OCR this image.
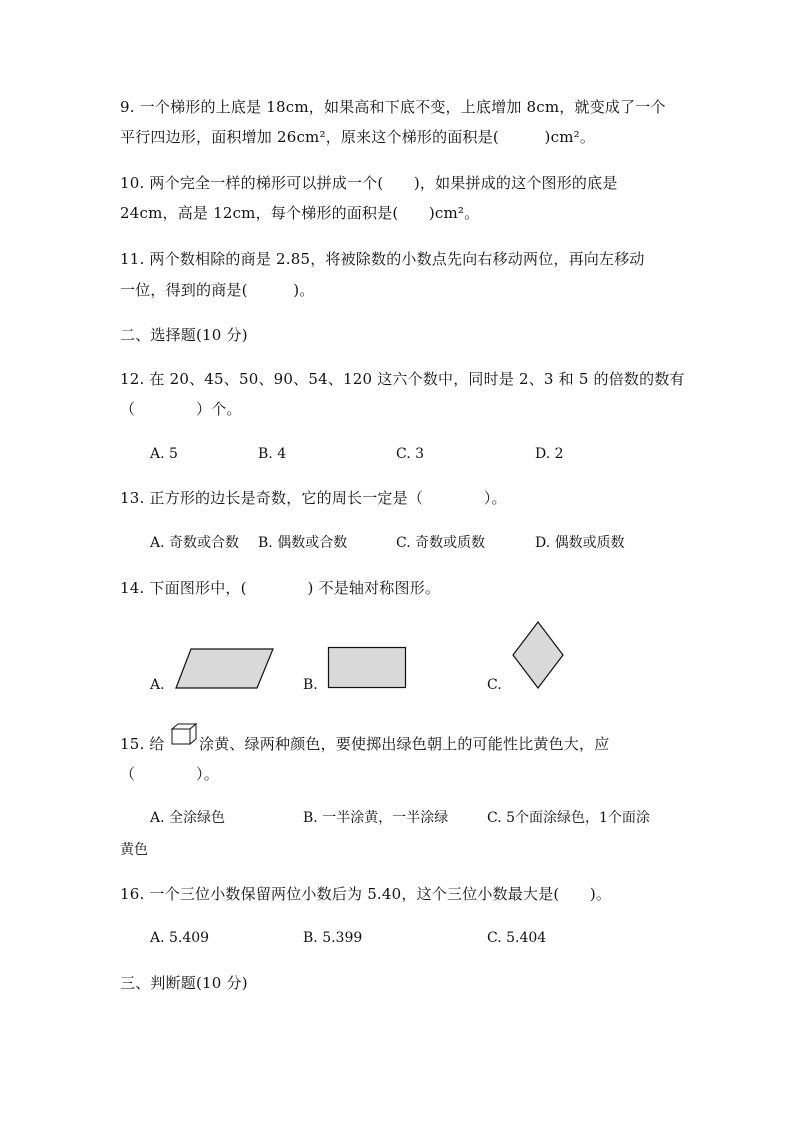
9. 一个梯形的上底是 18cm，如果高和下底不变，上底增加 8cm，就变成了一个
平行四边形，面积增加 26cm²，原来这个梯形的面积是(　　　)cm²。
10. 两个完全一样的梯形可以拼成一个(　　)，如果拼成的这个图形的底是
24cm，高是 12cm，每个梯形的面积是(　　)cm²。
11. 两个数相除的商是 2.85，将被除数的小数点先向右移动两位，再向左移动
一位，得到的商是(　　　)。
二、选择题(10 分)
12. 在 20、45、50、90、54、120 这六个数中，同时是 2、3 和 5 的倍数的数有
（　　　　）个。
A. 5	B. 4	C. 3	D. 2
13. 正方形的边长是奇数，它的周长一定是（　　　　）。
A. 奇数或合数 B. 偶数或合数	C. 奇数或质数	D. 偶数或质数
14. 下面图形中，(　　　　) 不是轴对称图形。
A.	B.	C.
15. 给 涂黄、绿两种颜色，要使掷出绿色朝上的可能性比黄色大，应
（　　　　）。
A. 全涂绿色	B. 一半涂黄，一半涂绿	C. 5个面涂绿色，1个面涂
黄色
16. 一个三位小数保留两位小数后为 5.40，这个三位小数最大是(　　)。
A. 5.409	B. 5.399	C. 5.404
三、判断题(10 分)
